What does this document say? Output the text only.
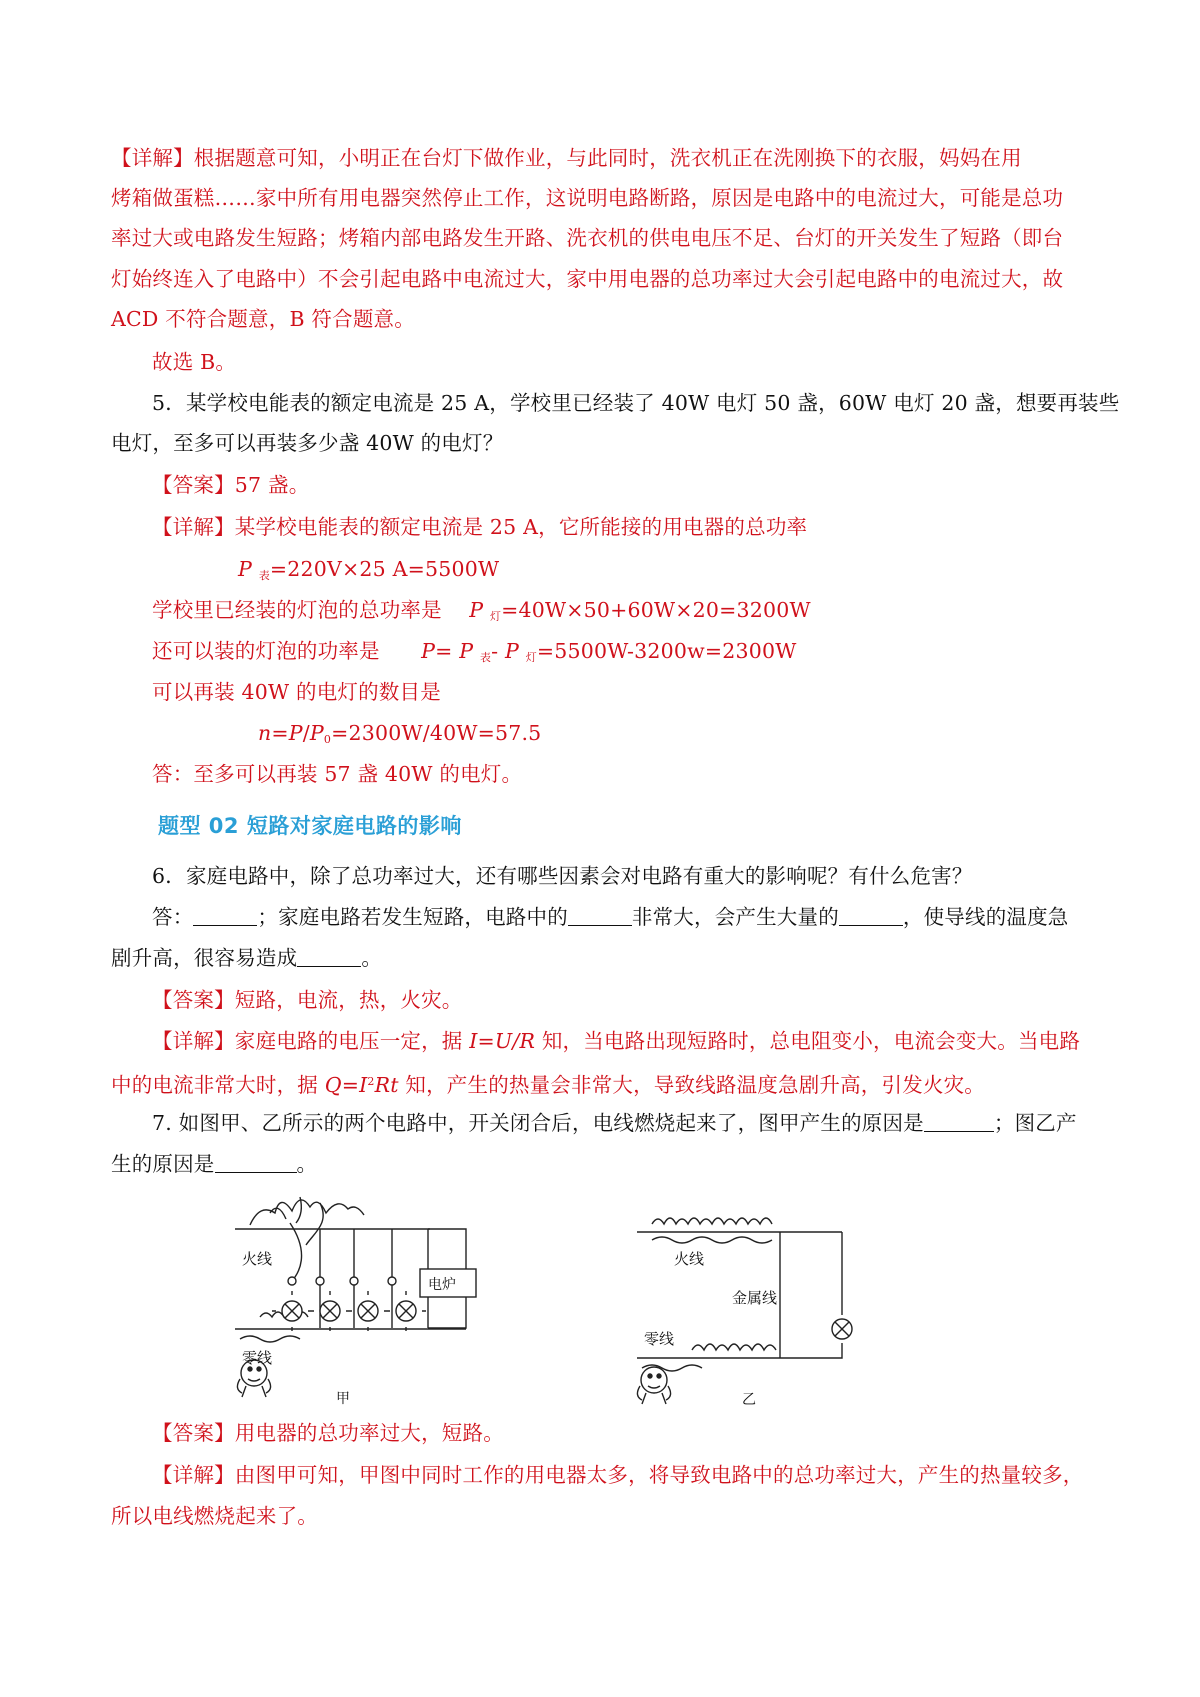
【详解】根据题意可知，小明正在台灯下做作业，与此同时，洗衣机正在洗刚换下的衣服，妈妈在用
烤箱做蛋糕……家中所有用电器突然停止工作，这说明电路断路，原因是电路中的电流过大，可能是总功
率过大或电路发生短路；烤箱内部电路发生开路、洗衣机的供电电压不足、台灯的开关发生了短路（即台
灯始终连入了电路中）不会引起电路中电流过大，家中用电器的总功率过大会引起电路中的电流过大，故
ACD 不符合题意，B 符合题意。
故选 B。
5．某学校电能表的额定电流是 25 A，学校里已经装了 40W 电灯 50 盏，60W 电灯 20 盏，想要再装些
电灯，至多可以再装多少盏 40W 的电灯？
【答案】57 盏。
【详解】某学校电能表的额定电流是 25 A，它所能接的用电器的总功率
P $_表$=220V×25 A=5500W
学校里已经装的灯泡的总功率是　 P $_灯$=40W×50+60W×20=3200W
还可以装的灯泡的功率是　　P= P $_表$- P $_灯$=5500W-3200w=2300W
可以再装 40W 的电灯的数目是
$n=P/P_0=2300W/40W=57.5$
答：至多可以再装 57 盏 40W 的电灯。
题型 02 短路对家庭电路的影响
6．家庭电路中，除了总功率过大，还有哪些因素会对电路有重大的影响呢？有什么危害？
答：	；家庭电路若发生短路，电路中的	非常大，会产生大量的	，使导线的温度急
剧升高，很容易造成	。
【答案】短路，电流，热，火灾。
【详解】家庭电路的电压一定，据 I=U/R 知，当电路出现短路时，总电阻变小，电流会变大。当电路
中的电流非常大时，据 $Q=I^2Rt$ 知，产生的热量会非常大，导致线路温度急剧升高，引发火灾。
7. 如图甲、乙所示的两个电路中，开关闭合后，电线燃烧起来了，图甲产生的原因是	；图乙产
生的原因是	。
火线
零线
电炉
甲
火线
金属线
零线
乙
【答案】用电器的总功率过大，短路。
【详解】由图甲可知，甲图中同时工作的用电器太多，将导致电路中的总功率过大，产生的热量较多，
所以电线燃烧起来了。
